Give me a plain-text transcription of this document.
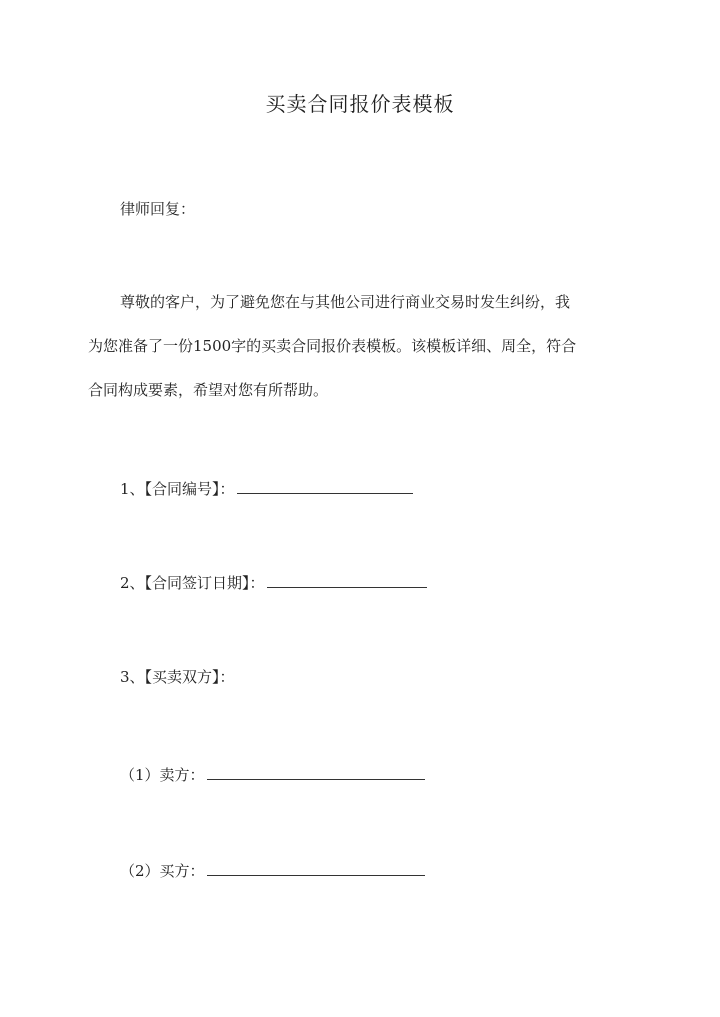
买卖合同报价表模板
律师回复：
尊敬的客户，为了避免您在与其他公司进行商业交易时发生纠纷，我
为您准备了一份1500字的买卖合同报价表模板。该模板详细、周全，符合
合同构成要素，希望对您有所帮助。
1、【合同编号】：
2、【合同签订日期】：
3、【买卖双方】：
（1）卖方：
（2）买方：
